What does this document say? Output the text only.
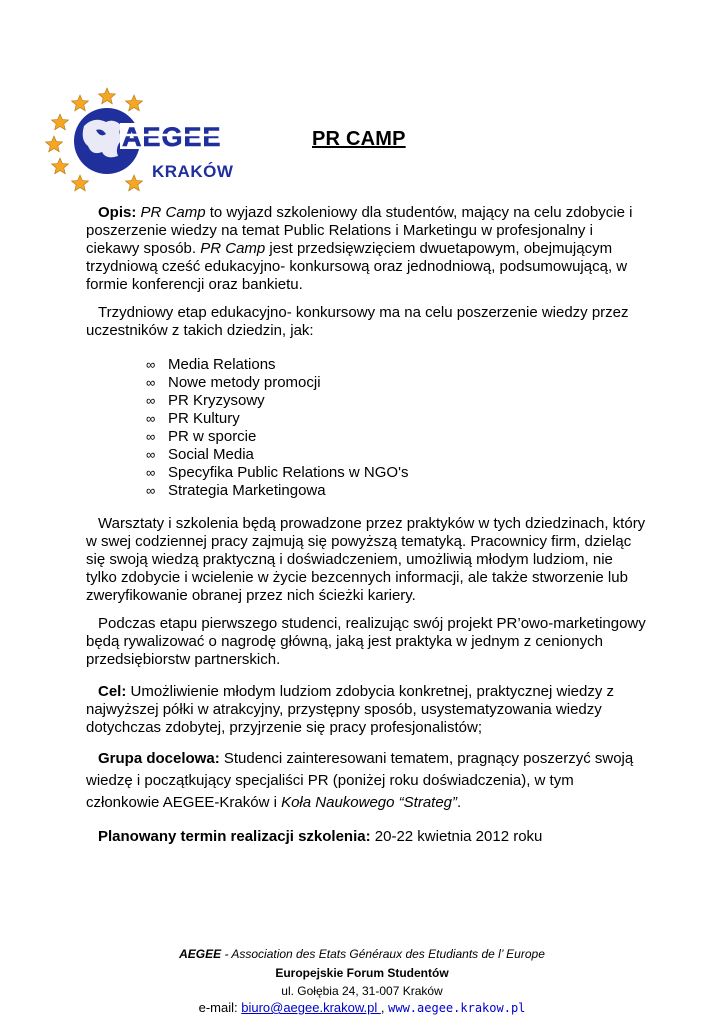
AEGEE
KRAKÓW
PR CAMP
Opis: PR Camp to wyjazd szkoleniowy dla studentów, mający na celu zdobycie i poszerzenie wiedzy na temat Public Relations i Marketingu w profesjonalny i ciekawy sposób. PR Camp jest przedsięwzięciem dwuetapowym, obejmującym trzydniową cześć edukacyjno- konkursową oraz jednodniową, podsumowującą, w formie konferencji oraz bankietu.
Trzydniowy etap edukacyjno- konkursowy ma na celu poszerzenie wiedzy przez uczestników z takich dziedzin, jak:
∞ Media Relations
∞ Nowe metody promocji
∞ PR Kryzysowy
∞ PR Kultury
∞ PR w sporcie
∞ Social Media
∞ Specyfika Public Relations w NGO's
∞ Strategia Marketingowa
Warsztaty i szkolenia będą prowadzone przez praktyków w tych dziedzinach, który w swej codziennej pracy zajmują się powyższą tematyką. Pracownicy firm, dzieląc się swoją wiedzą praktyczną i doświadczeniem, umożliwią młodym ludziom, nie tylko zdobycie i wcielenie w życie bezcennych informacji, ale także stworzenie lub zweryfikowanie obranej przez nich ścieżki kariery.
Podczas etapu pierwszego studenci, realizując swój projekt PR’owo-marketingowy będą rywalizować o nagrodę główną, jaką jest praktyka w jednym z cenionych przedsiębiorstw partnerskich.
Cel: Umożliwienie młodym ludziom zdobycia konkretnej, praktycznej wiedzy z najwyższej półki w atrakcyjny, przystępny sposób, usystematyzowania wiedzy dotychczas zdobytej, przyjrzenie się pracy profesjonalistów;
Grupa docelowa: Studenci zainteresowani tematem, pragnący poszerzyć swoją wiedzę i początkujący specjaliści PR (poniżej roku doświadczenia), w tym członkowie AEGEE-Kraków i Koła Naukowego “Strateg”.
Planowany termin realizacji szkolenia: 20-22 kwietnia 2012 roku
AEGEE - Association des Etats Généraux des Etudiants de l’ Europe
Europejskie Forum Studentów
ul. Gołębia 24, 31-007 Kraków
e-mail: biuro@aegee.krakow.pl , www.aegee.krakow.pl
